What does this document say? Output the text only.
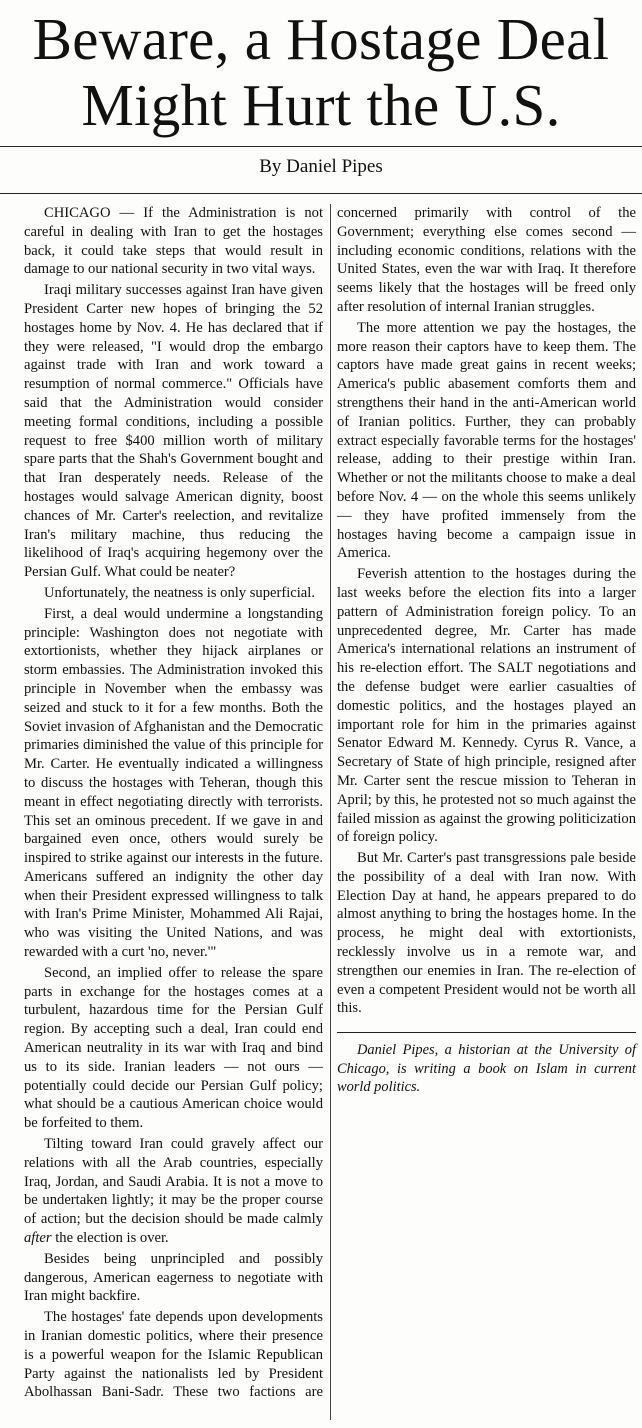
Beware, a Hostage Deal
Might Hurt the U.S.
By Daniel Pipes

CHICAGO — If the Administration is not careful in dealing with Iran to get the hostages back, it could take steps that would result in damage to our national security in two vital ways.

Iraqi military successes against Iran have given President Carter new hopes of bringing the 52 hostages home by Nov. 4. He has declared that if they were released, "I would drop the embargo against trade with Iran and work toward a resumption of normal commerce." Officials have said that the Administration would consider meeting formal conditions, including a possible request to free $400 million worth of military spare parts that the Shah's Government bought and that Iran desperately needs. Release of the hostages would salvage American dignity, boost chances of Mr. Carter's reelection, and revitalize Iran's military machine, thus reducing the likelihood of Iraq's acquiring hegemony over the Persian Gulf. What could be neater?

Unfortunately, the neatness is only superficial.

First, a deal would undermine a longstanding principle: Washington does not negotiate with extortionists, whether they hijack airplanes or storm embassies. The Administration invoked this principle in November when the embassy was seized and stuck to it for a few months. Both the Soviet invasion of Afghanistan and the Democratic primaries diminished the value of this principle for Mr. Carter. He eventually indicated a willingness to discuss the hostages with Teheran, though this meant in effect negotiating directly with terrorists. This set an ominous precedent. If we gave in and bargained even once, others would surely be inspired to strike against our interests in the future. Americans suffered an indignity the other day when their President expressed willingness to talk with Iran's Prime Minister, Mohammed Ali Rajai, who was visiting the United Nations, and was rewarded with a curt 'no, never.'"

Second, an implied offer to release the spare parts in exchange for the hostages comes at a turbulent, hazardous time for the Persian Gulf region. By accepting such a deal, Iran could end American neutrality in its war with Iraq and bind us to its side. Iranian leaders — not ours — potentially could decide our Persian Gulf policy; what should be a cautious American choice would be forfeited to them.

Tilting toward Iran could gravely affect our relations with all the Arab countries, especially Iraq, Jordan, and Saudi Arabia. It is not a move to be undertaken lightly; it may be the proper course of action; but the decision should be made calmly after the election is over.

Besides being unprincipled and possibly dangerous, American eagerness to negotiate with Iran might backfire.

The hostages' fate depends upon developments in Iranian domestic politics, where their presence is a powerful weapon for the Islamic Republican Party against the nationalists led by President Abolhassan Bani-Sadr. These two factions are concerned primarily with control of the Government; everything else comes second — including economic conditions, relations with the United States, even the war with Iraq. It therefore seems likely that the hostages will be freed only after resolution of internal Iranian struggles.

The more attention we pay the hostages, the more reason their captors have to keep them. The captors have made great gains in recent weeks; America's public abasement comforts them and strengthens their hand in the anti-American world of Iranian politics. Further, they can probably extract especially favorable terms for the hostages' release, adding to their prestige within Iran. Whether or not the militants choose to make a deal before Nov. 4 — on the whole this seems unlikely — they have profited immensely from the hostages having become a campaign issue in America.

Feverish attention to the hostages during the last weeks before the election fits into a larger pattern of Administration foreign policy. To an unprecedented degree, Mr. Carter has made America's international relations an instrument of his re-election effort. The SALT negotiations and the defense budget were earlier casualties of domestic politics, and the hostages played an important role for him in the primaries against Senator Edward M. Kennedy. Cyrus R. Vance, a Secretary of State of high principle, resigned after Mr. Carter sent the rescue mission to Teheran in April; by this, he protested not so much against the failed mission as against the growing politicization of foreign policy.

But Mr. Carter's past transgressions pale beside the possibility of a deal with Iran now. With Election Day at hand, he appears prepared to do almost anything to bring the hostages home. In the process, he might deal with extortionists, recklessly involve us in a remote war, and strengthen our enemies in Iran. The re-election of even a competent President would not be worth all this.

Daniel Pipes, a historian at the University of Chicago, is writing a book on Islam in current world politics.
